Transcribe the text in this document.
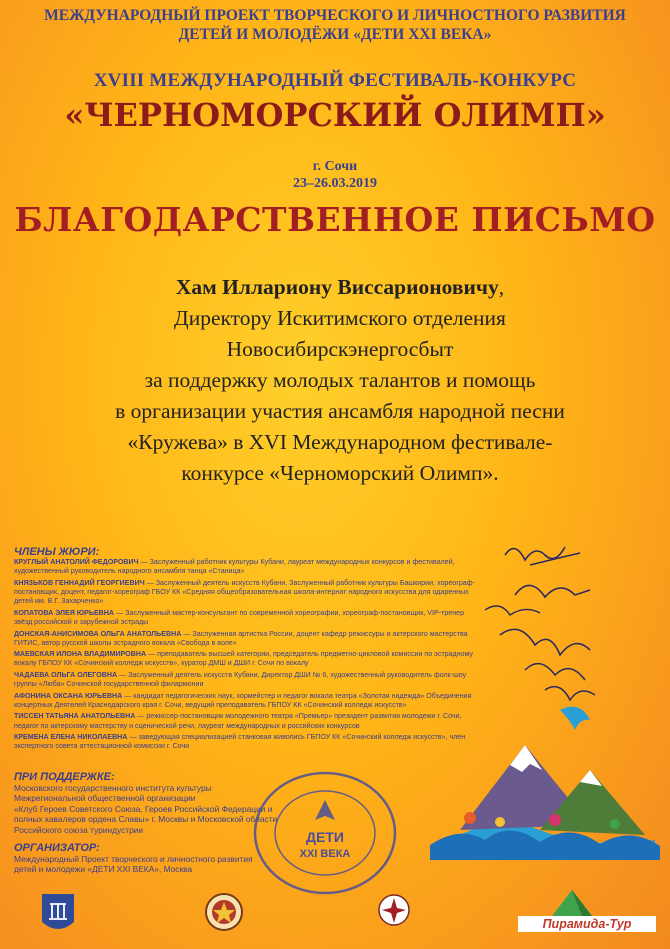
МЕЖДУНАРОДНЫЙ ПРОЕКТ ТВОРЧЕСКОГО И ЛИЧНОСТНОГО РАЗВИТИЯ
ДЕТЕЙ И МОЛОДЁЖИ «ДЕТИ XXI ВЕКА»
XVIII МЕЖДУНАРОДНЫЙ ФЕСТИВАЛЬ-КОНКУРС
«ЧЕРНОМОРСКИЙ ОЛИМП»
г. Сочи
23–26.03.2019
БЛАГОДАРСТВЕННОЕ ПИСЬМО
Хам Иллариону Виссарионовичу,
Директору Искитимского отделения
Новосибирскэнергосбыт
за поддержку молодых талантов и помощь
в организации участия ансамбля народной песни
«Кружева» в XVI Международном фестивале-
конкурсе «Черноморский Олимп».
ЧЛЕНЫ ЖЮРИ:
КРУГЛЫЙ АНАТОЛИЙ ФЕДОРОВИЧ — Заслуженный работник культуры Кубани, лауреат международных конкурсов и фестивалей, художественный руководитель народного ансамбля танца «Станица»
КНЯЗЬКОВ ГЕННАДИЙ ГЕОРГИЕВИЧ — Заслуженный деятель искусств Кубани, Заслуженный работник культуры Башкирии, хореограф-постановщик, доцент, педагог-хореограф ГБОУ КК «Средняя общеобразовательная школа-интернат народного искусства для одаренных детей им. В.Г. Захарченко»
КОПАТОВА ЭЛЕЯ ЮРЬЕВНА — Заслуженный мастер-консультант по современной хореографии, хореограф-постановщик, VIP-тренер звёзд российской и зарубежной эстрады
ДОНСКАЯ-АНИСИМОВА ОЛЬГА АНАТОЛЬЕВНА — Заслуженная артистка России, доцент кафедр режиссуры и актерского мастерства ГИТИС, автор русской школы эстрадного вокала «Свобода в воле»
МАЕВСКАЯ ИЛОНА ВЛАДИМИРОВНА — преподаватель высшей категории, председатель предметно-цикловой комиссии по эстрадному вокалу ГБПОУ КК «Сочинский колледж искусств», куратор ДМШ и ДШИ г. Сочи по вокалу
ЧАДАЕВА ОЛЬГА ОЛЕГОВНА — Заслуженный деятель искусств Кубани, Директор ДШИ № 6, художественный руководитель фолк-шоу группы «Люба» Сочинской государственной филармонии
АФОНИНА ОКСАНА ЮРЬЕВНА — кандидат педагогических наук, хормейстер и педагог вокала театра «Золотая надежда» Объединения концертных Деятелей Краснодарского края г. Сочи, ведущий преподаватель ГБПОУ КК «Сочинский колледж искусств»
ТИССЕН ТАТЬЯНА АНАТОЛЬЕВНА — режиссер-постановщик молодежного театра «Премьер» президент развития молодежи г. Сочи, педагог по актерскому мастерству и сценической речи, лауреат международных и российских конкурсов
КРЕМЕНА ЕЛЕНА НИКОЛАЕВНА — заведующая специализацией станковая живопись ГБПОУ КК «Сочинский колледж искусств», член экспертного совета аттестационной комиссии г. Сочи
ПРИ ПОДДЕРЖКЕ:
Московского государственного института культуры
Межрегиональной общественной организации
«Клуб Героев Советского Союза, Героев Российской Федерации и
полных кавалеров ордена Славы» г. Москвы и Московской области
Российского союза туриндустрии
ОРГАНИЗАТОР:
Международный Проект творческого и личностного развития
детей и молодежи «ДЕТИ XXI ВЕКА», Москва
ДЕТИ
XXI ВЕКА
Пирамида-Тур
